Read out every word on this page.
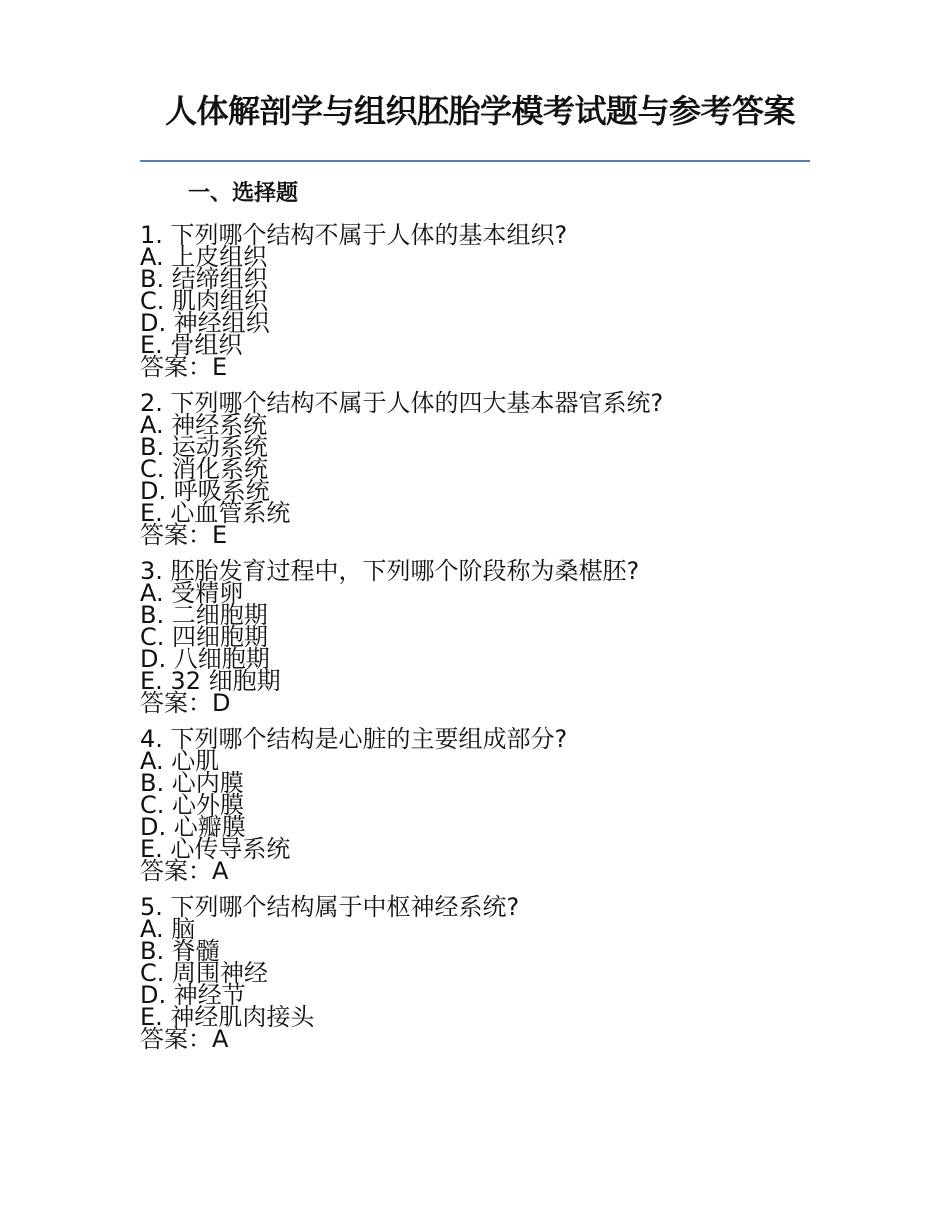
人体解剖学与组织胚胎学模考试题与参考答案
一、选择题
1. 下列哪个结构不属于人体的基本组织?
A. 上皮组织
B. 结缔组织
C. 肌肉组织
D. 神经组织
E. 骨组织
答案：E
2. 下列哪个结构不属于人体的四大基本器官系统?
A. 神经系统
B. 运动系统
C. 消化系统
D. 呼吸系统
E. 心血管系统
答案：E
3. 胚胎发育过程中，下列哪个阶段称为桑椹胚?
A. 受精卵
B. 二细胞期
C. 四细胞期
D. 八细胞期
E. 32 细胞期
答案：D
4. 下列哪个结构是心脏的主要组成部分?
A. 心肌
B. 心内膜
C. 心外膜
D. 心瓣膜
E. 心传导系统
答案：A
5. 下列哪个结构属于中枢神经系统?
A. 脑
B. 脊髓
C. 周围神经
D. 神经节
E. 神经肌肉接头
答案：A
